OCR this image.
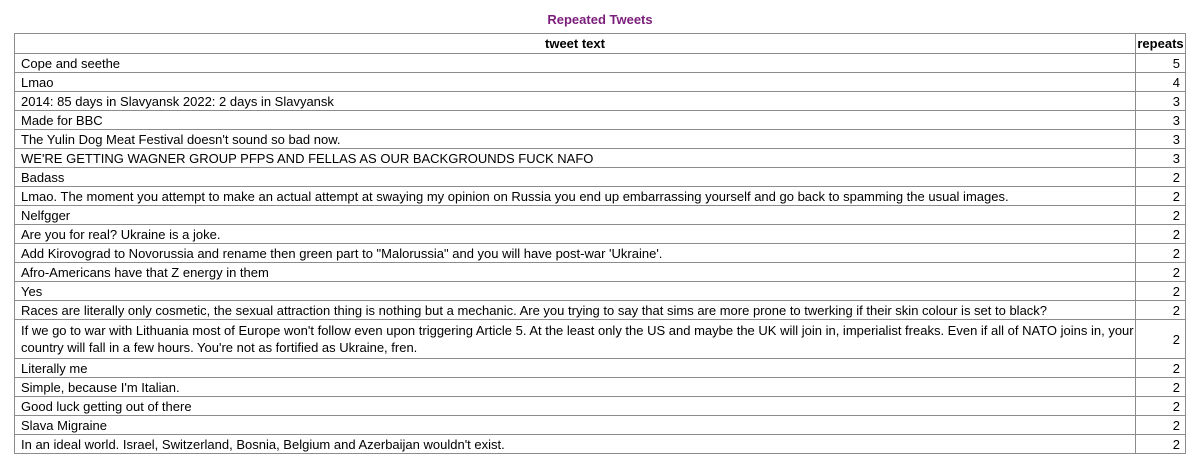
Repeated Tweets
tweet text	repeats
Cope and seethe	5
Lmao	4
2014: 85 days in Slavyansk 2022: 2 days in Slavyansk	3
Made for BBC	3
The Yulin Dog Meat Festival doesn't sound so bad now.	3
WE'RE GETTING WAGNER GROUP PFPS AND FELLAS AS OUR BACKGROUNDS FUCK NAFO	3
Badass	2
Lmao. The moment you attempt to make an actual attempt at swaying my opinion on Russia you end up embarrassing yourself and go back to spamming the usual images.	2
Nelfgger	2
Are you for real? Ukraine is a joke.	2
Add Kirovograd to Novorussia and rename then green part to "Malorussia" and you will have post-war 'Ukraine'.	2
Afro-Americans have that Z energy in them	2
Yes	2
Races are literally only cosmetic, the sexual attraction thing is nothing but a mechanic. Are you trying to say that sims are more prone to twerking if their skin colour is set to black?	2
If we go to war with Lithuania most of Europe won't follow even upon triggering Article 5. At the least only the US and maybe the UK will join in, imperialist freaks. Even if all of NATO joins in, your country will fall in a few hours. You're not as fortified as Ukraine, fren.	2
Literally me	2
Simple, because I'm Italian.	2
Good luck getting out of there	2
Slava Migraine	2
In an ideal world. Israel, Switzerland, Bosnia, Belgium and Azerbaijan wouldn't exist.	2
